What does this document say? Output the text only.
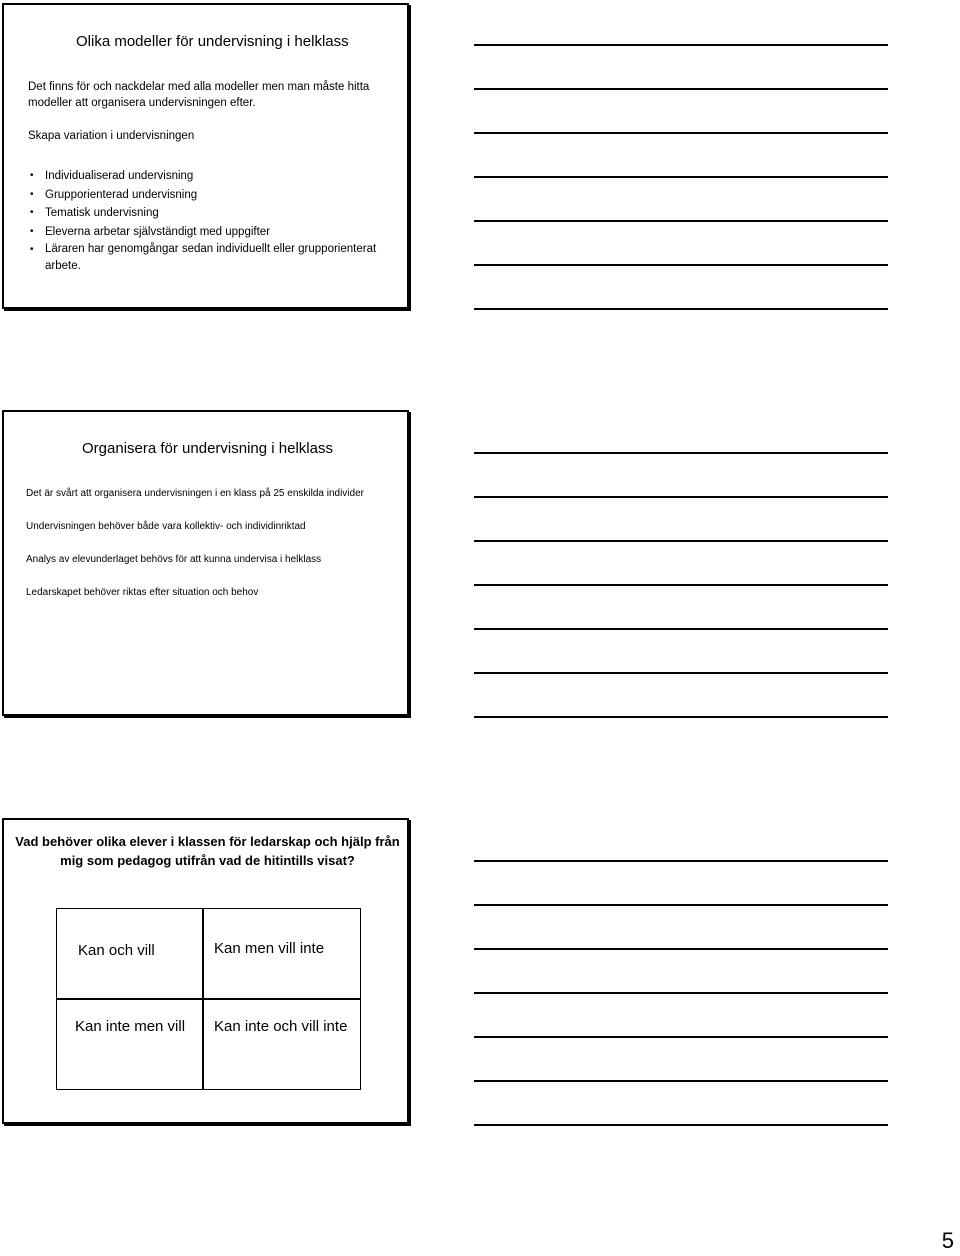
Olika modeller för undervisning i helklass
Det finns för och nackdelar med alla modeller men man måste hitta
modeller att organisera undervisningen efter.
Skapa variation i undervisningen
• Individualiserad undervisning
• Grupporienterad undervisning
• Tematisk undervisning
• Eleverna arbetar självständigt med uppgifter
• Läraren har genomgångar sedan individuellt eller grupporienterat arbete.
Organisera för undervisning i helklass
Det är svårt att organisera undervisningen i en klass på 25 enskilda individer
Undervisningen behöver både vara kollektiv- och individinriktad
Analys av elevunderlaget behövs för att kunna undervisa i helklass
Ledarskapet behöver riktas efter situation och behov
Vad behöver olika elever i klassen för ledarskap och hjälp från
mig som pedagog utifrån vad de hitintills visat?
Kan och vill	Kan men vill inte
Kan inte men vill Kan inte och vill inte
5
